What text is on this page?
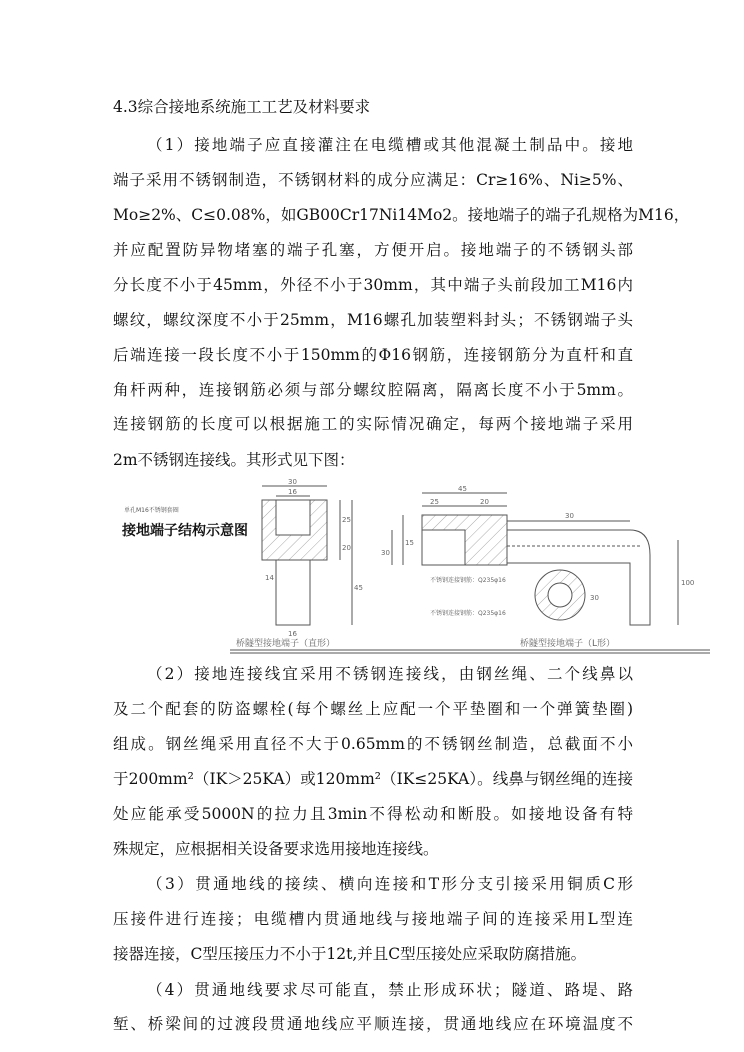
4.3综合接地系统施工工艺及材料要求
（1）接地端子应直接灌注在电缆槽或其他混凝土制品中。接地
端子采用不锈钢制造，不锈钢材料的成分应满足：Cr≥16%、Ni≥5%、
Mo≥2%、C≤0.08%，如GB00Cr17Ni14Mo2。接地端子的端子孔规格为M16，
并应配置防异物堵塞的端子孔塞，方便开启。接地端子的不锈钢头部
分长度不小于45mm，外径不小于30mm，其中端子头前段加工M16内
螺纹，螺纹深度不小于25mm，M16螺孔加装塑料封头；不锈钢端子头
后端连接一段长度不小于150mm的Φ16钢筋，连接钢筋分为直杆和直
角杆两种，连接钢筋必须与部分螺纹腔隔离，隔离长度不小于5mm。
连接钢筋的长度可以根据施工的实际情况确定，每两个接地端子采用
2m不锈钢连接线。其形式见下图：
（2）接地连接线宜采用不锈钢连接线，由钢丝绳、二个线鼻以
及二个配套的防盗螺栓(每个螺丝上应配一个平垫圈和一个弹簧垫圈)
组成。钢丝绳采用直径不大于0.65mm的不锈钢丝制造，总截面不小
于200mm²（IK＞25KA）或120mm²（IK≤25KA）。线鼻与钢丝绳的连接
处应能承受5000N的拉力且3min不得松动和断股。如接地设备有特
殊规定，应根据相关设备要求选用接地连接线。
（3）贯通地线的接续、横向连接和T形分支引接采用铜质C形
压接件进行连接；电缆槽内贯通地线与接地端子间的连接采用L型连
接器连接，C型压接压力不小于12t,并且C型压接处应采取防腐措施。
（4）贯通地线要求尽可能直，禁止形成环状；隧道、路堤、路
堑、桥梁间的过渡段贯通地线应平顺连接，贯通地线应在环境温度不
30
16
25
45
20
14
45
25	20
15
30
30
100
16
30
不锈钢连接钢筋：Q235φ16
不锈钢连接钢筋：Q235φ16
桥隧型接地端子（直形）	桥隧型接地端子（L形）
单孔M16不锈钢套圈
接地端子结构示意图
